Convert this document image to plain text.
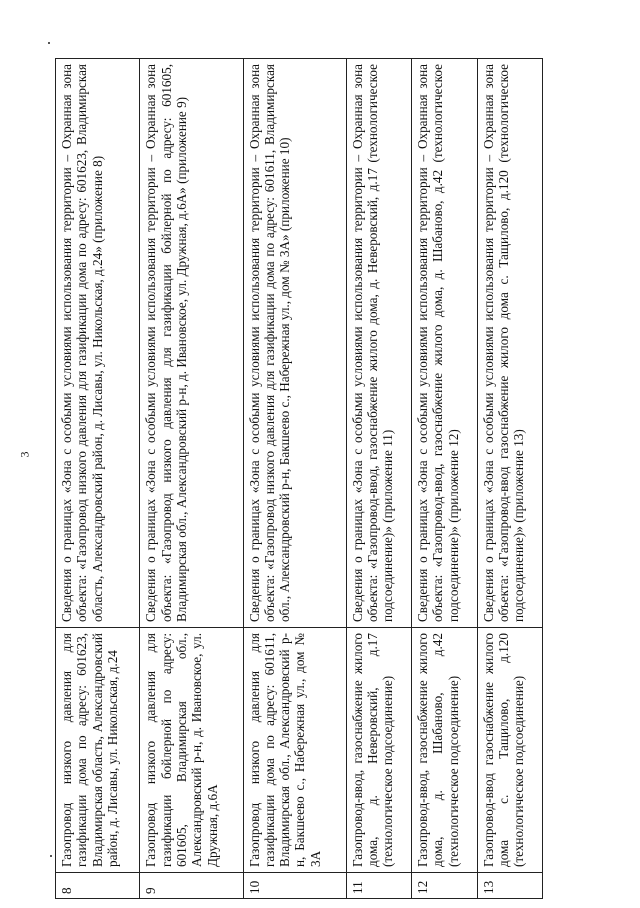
3
8	Газопровод низкого давления для газификации дома по адресу: 601623, Владимирская область, Александровский район, д. Лисавы, ул. Никольская, д.24	Сведения о границах «Зона с особыми условиями использования территории – Охранная зона объекта: «Газопровод низкого давления для газификации дома по адресу: 601623, Владимирская область, Александровский район, д. Лисавы, ул. Никольская, д.24» (приложение 8)
9	Газопровод низкого давления для газификации бойлерной по адресу: 601605, Владимирская обл., Александровский р-н, д. Ивановское, ул. Дружная, д.6А	Сведения о границах «Зона с особыми условиями использования территории – Охранная зона объекта: «Газопровод низкого давления для газификации бойлерной по адресу: 601605, Владимирская обл., Александровский р-н, д. Ивановское, ул. Дружная, д.6А» (приложение 9)
10	Газопровод низкого давления для газификации дома по адресу: 601611, Владимирская обл., Александровский р-н, Бакшеево с., Набережная ул., дом № 3А	Сведения о границах «Зона с особыми условиями использования территории – Охранная зона объекта: «Газопровод низкого давления для газификации дома по адресу: 601611, Владимирская обл., Александровский р-н, Бакшеево с., Набережная ул., дом № 3А» (приложение 10)
11	Газопровод-ввод, газоснабжение жилого дома, д. Неверовский, д.17 (технологическое подсоединение)	Сведения о границах «Зона с особыми условиями использования территории – Охранная зона объекта: «Газопровод-ввод, газоснабжение жилого дома, д. Неверовский, д.17 (технологическое подсоединение)» (приложение 11)
12	Газопровод-ввод, газоснабжение жилого дома, д. Шабаново, д.42 (технологическое подсоединение)	Сведения о границах «Зона с особыми условиями использования территории – Охранная зона объекта: «Газопровод-ввод, газоснабжение жилого дома, д. Шабаново, д.42 (технологическое подсоединение)» (приложение 12)
13	Газопровод-ввод газоснабжение жилого дома с. Тащилово, д.120 (технологическое подсоединение)	Сведения о границах «Зона с особыми условиями использования территории – Охранная зона объекта: «Газопровод-ввод газоснабжение жилого дома с. Тащилово, д.120 (технологическое подсоединение)» (приложение 13)
